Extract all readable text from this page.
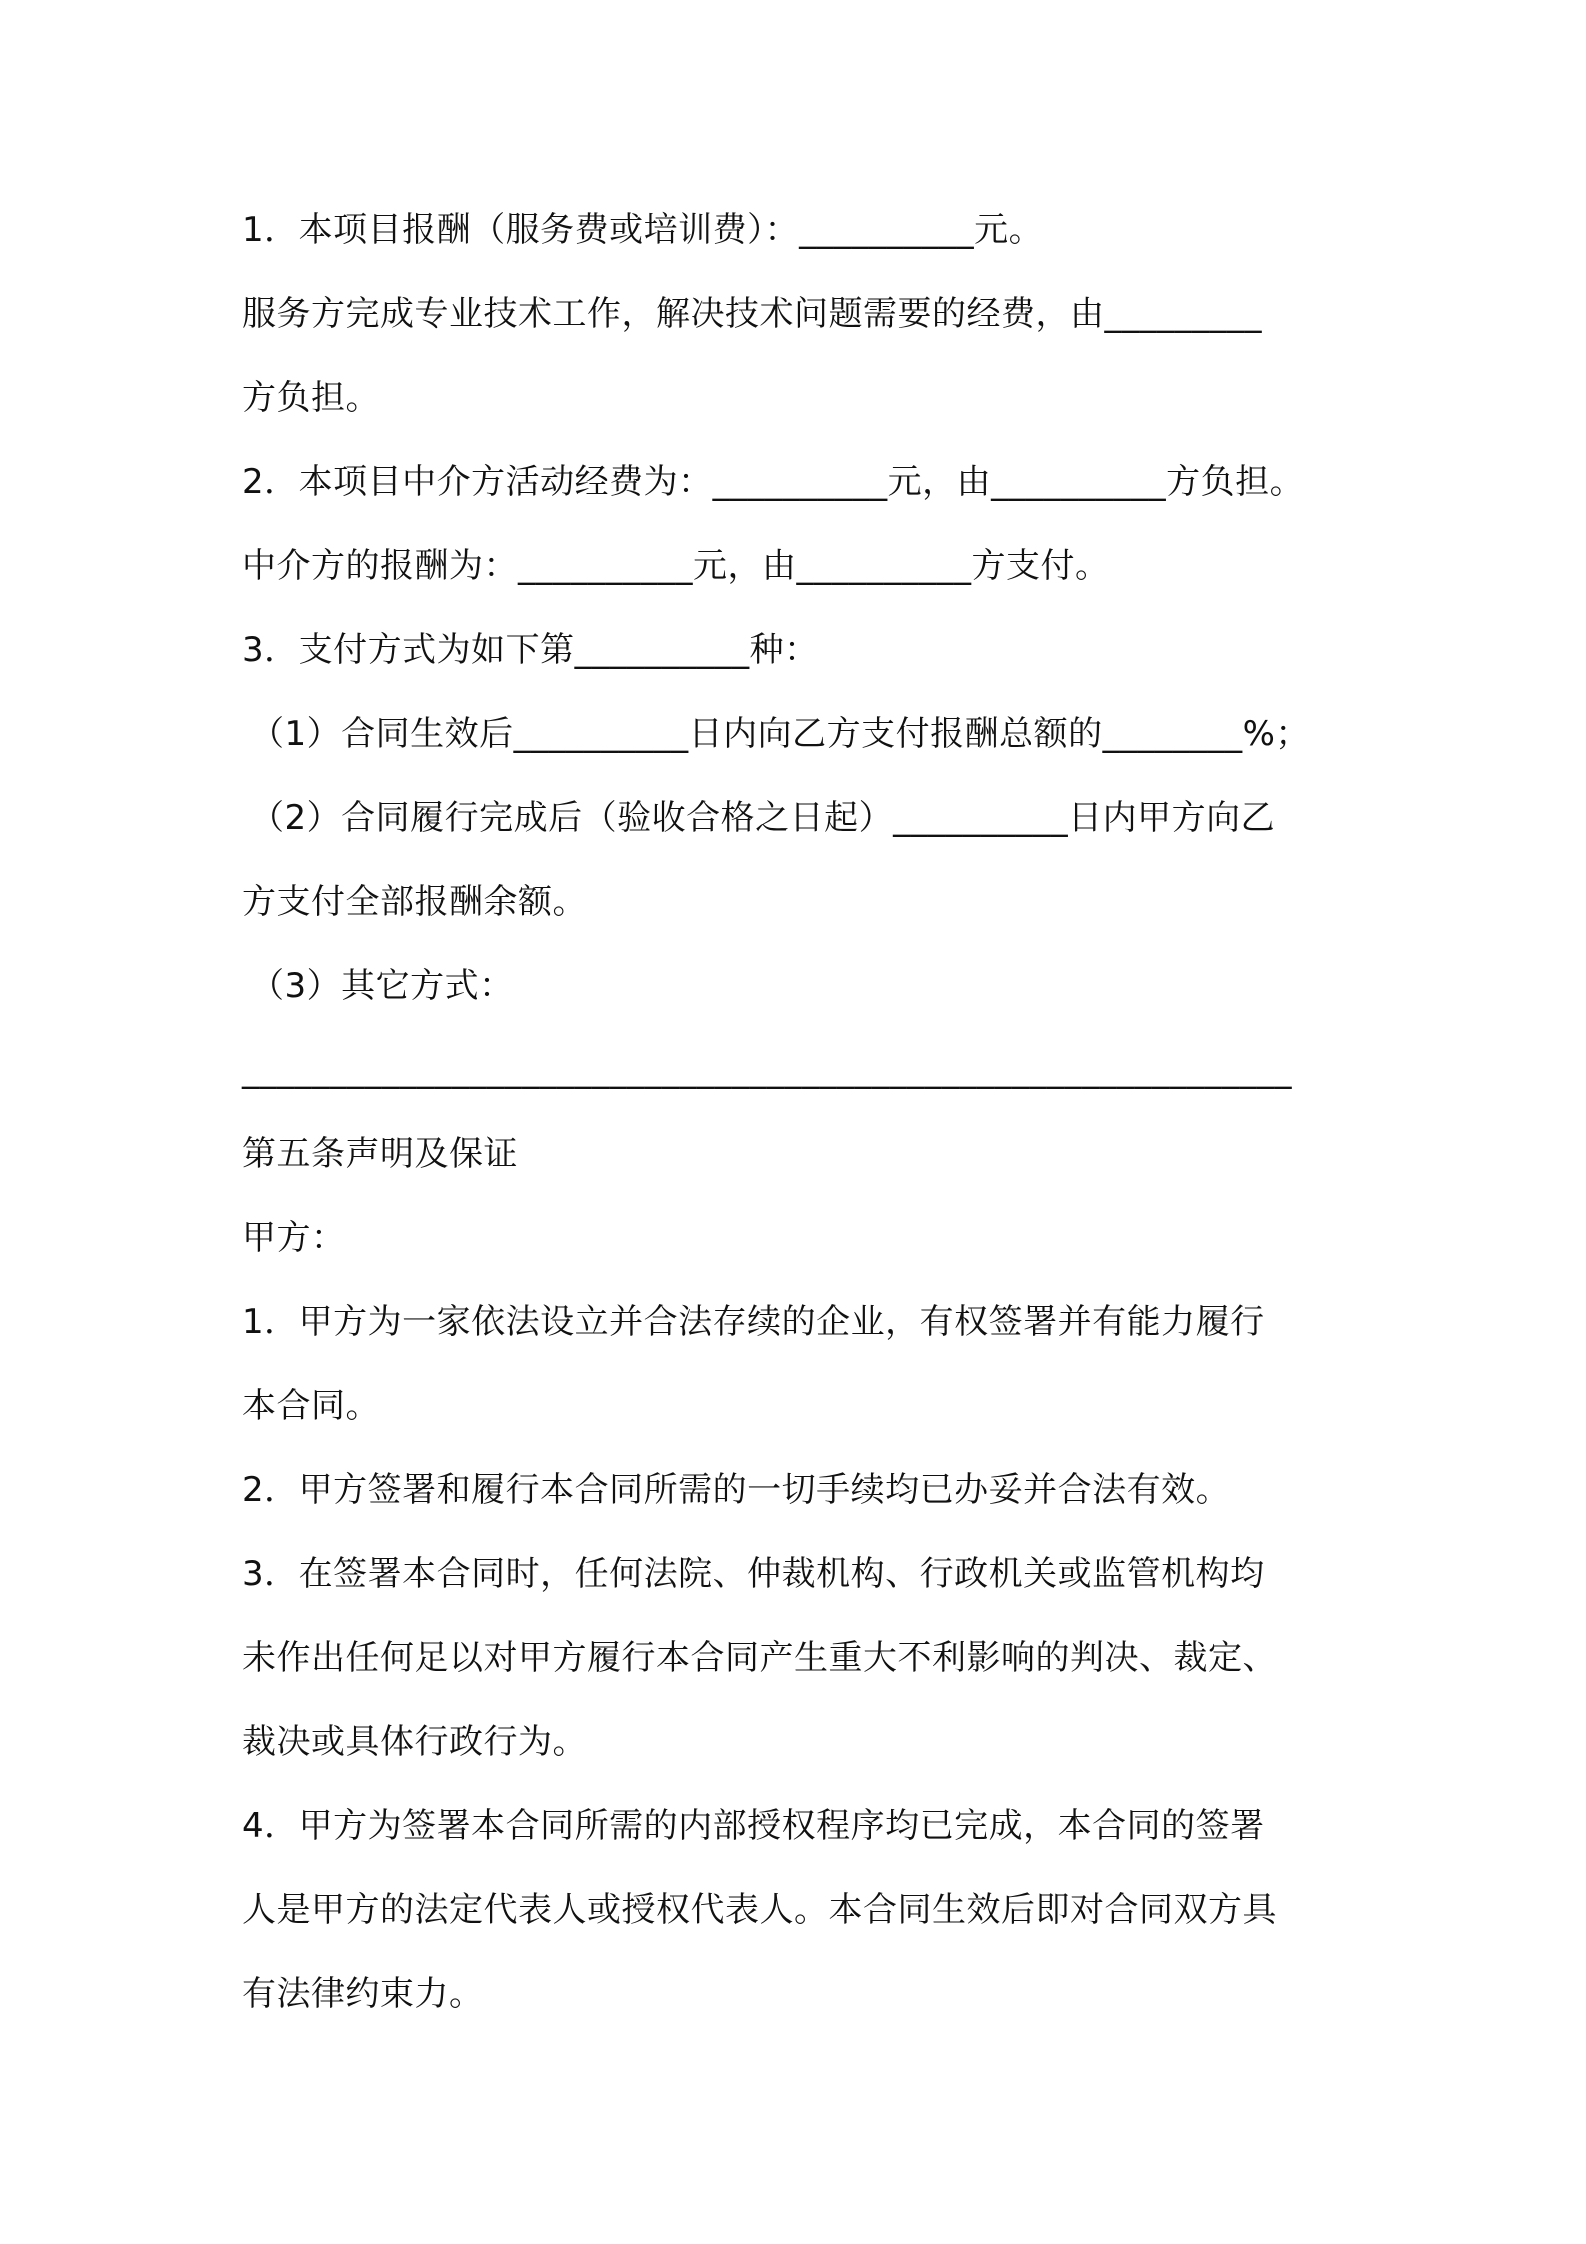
1．本项目报酬（服务费或培训费）：__________元。
服务方完成专业技术工作，解决技术问题需要的经费，由_________
方负担。
2．本项目中介方活动经费为：__________元，由__________方负担。
中介方的报酬为：__________元，由__________方支付。
3．支付方式为如下第__________种：
（1）合同生效后__________日内向乙方支付报酬总额的________%；
（2）合同履行完成后（验收合格之日起）__________日内甲方向乙
方支付全部报酬余额。
（3）其它方式：
____________________________________________________________
第五条声明及保证
甲方：
1．甲方为一家依法设立并合法存续的企业，有权签署并有能力履行
本合同。
2．甲方签署和履行本合同所需的一切手续均已办妥并合法有效。
3．在签署本合同时，任何法院、仲裁机构、行政机关或监管机构均
未作出任何足以对甲方履行本合同产生重大不利影响的判决、裁定、
裁决或具体行政行为。
4．甲方为签署本合同所需的内部授权程序均已完成，本合同的签署
人是甲方的法定代表人或授权代表人。本合同生效后即对合同双方具
有法律约束力。
